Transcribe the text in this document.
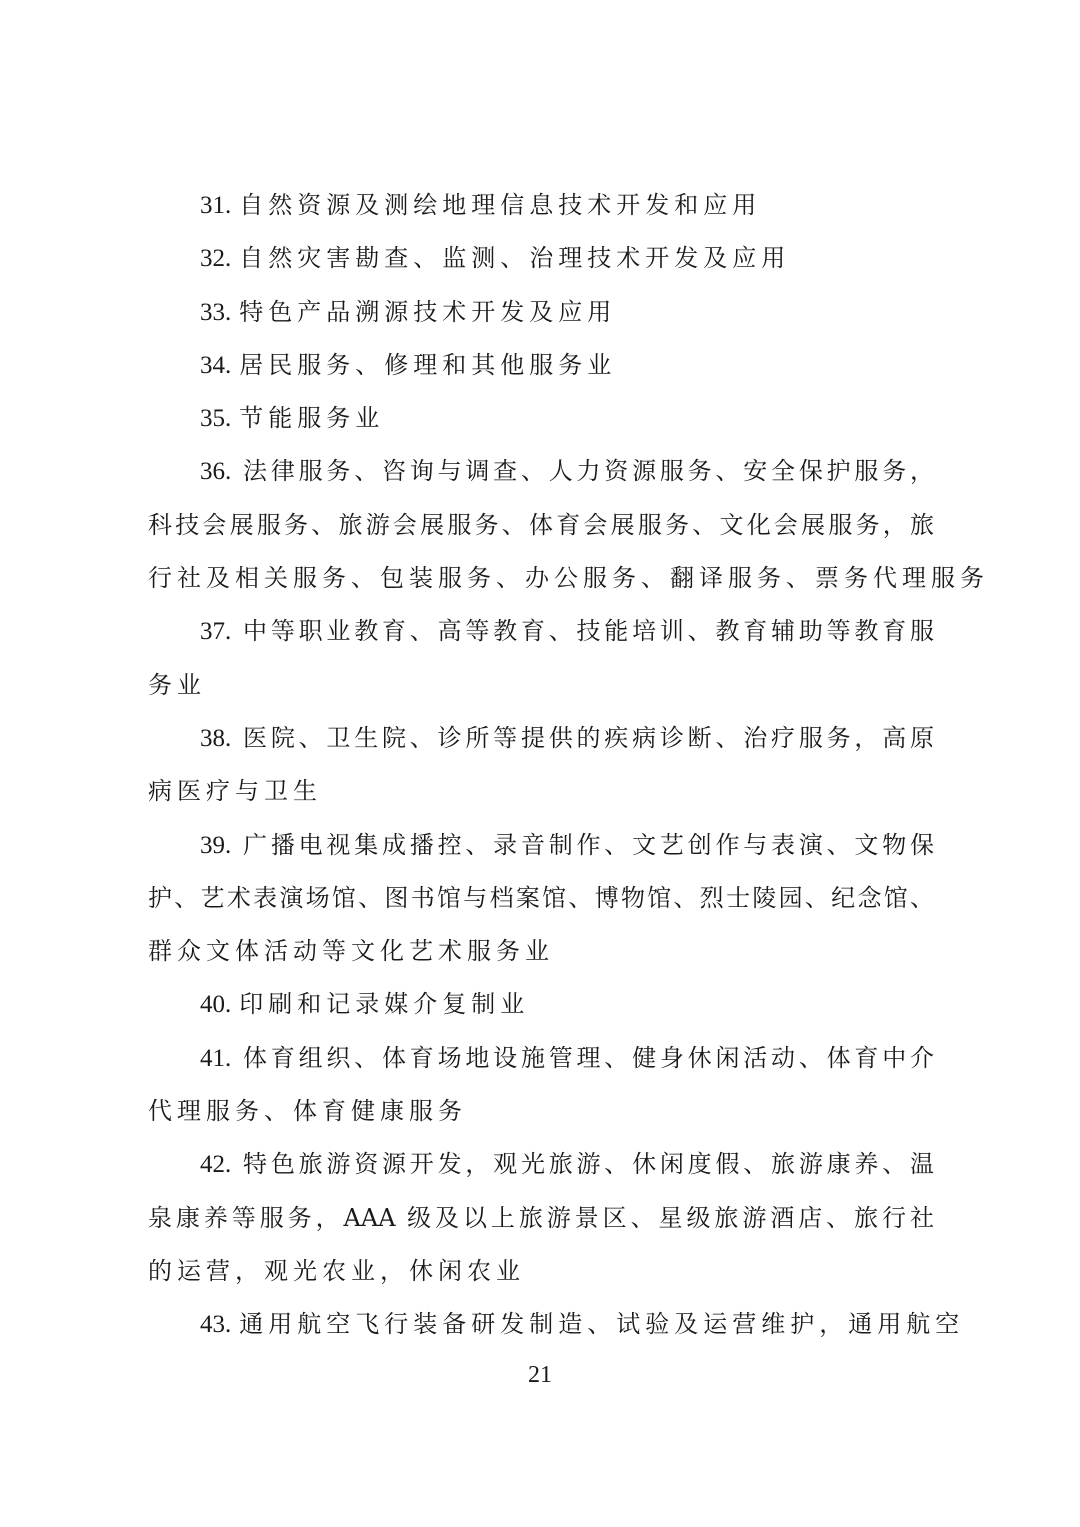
31. 自然资源及测绘地理信息技术开发和应用
32. 自然灾害勘查、监测、治理技术开发及应用
33. 特色产品溯源技术开发及应用
34. 居民服务、修理和其他服务业
35. 节能服务业
36. 法律服务、咨询与调查、人力资源服务、安全保护服务，
科技会展服务、旅游会展服务、体育会展服务、文化会展服务，旅
行社及相关服务、包装服务、办公服务、翻译服务、票务代理服务
37. 中等职业教育、高等教育、技能培训、教育辅助等教育服
务业
38. 医院、卫生院、诊所等提供的疾病诊断、治疗服务，高原
病医疗与卫生
39. 广播电视集成播控、录音制作、文艺创作与表演、文物保
护、艺术表演场馆、图书馆与档案馆、博物馆、烈士陵园、纪念馆、
群众文体活动等文化艺术服务业
40. 印刷和记录媒介复制业
41. 体育组织、体育场地设施管理、健身休闲活动、体育中介
代理服务、体育健康服务
42. 特色旅游资源开发，观光旅游、休闲度假、旅游康养、温
泉康养等服务，AAA 级及以上旅游景区、星级旅游酒店、旅行社
的运营，观光农业，休闲农业
43. 通用航空飞行装备研发制造、试验及运营维护，通用航空
21
